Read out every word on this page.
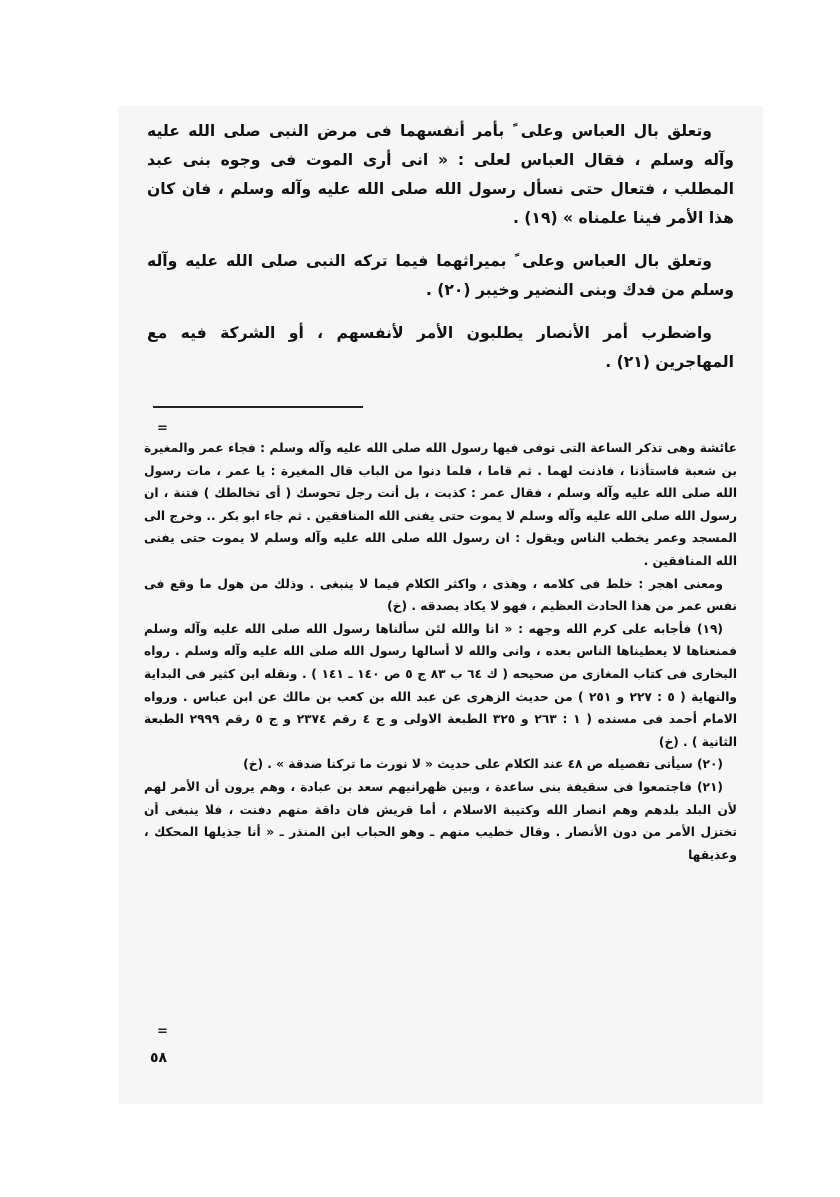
وتعلق بال العباس وعلى ً بأمر أنفسهما فى مرض النبى صلى الله عليه وآله وسلم ، فقال العباس لعلى : « انى أرى الموت فى وجوه بنى عبد المطلب ، فتعال حتى نسأل رسول الله صلى الله عليه وآله وسلم ، فان كان هذا الأمر فينا علمناه » (١٩) .

وتعلق بال العباس وعلى ً بميراثهما فيما تركه النبى صلى الله عليه وآله وسلم من فدك وبنى النضير وخيبر (٢٠) .

واضطرب أمر الأنصار يطلبون الأمر لأنفسهم ، أو الشركة فيه مع المهاجرين (٢١) .

=

عائشة وهى تذكر الساعة التى توفى فيها رسول الله صلى الله عليه وآله وسلم : فجاء عمر والمغيرة بن شعبة فاستأذنا ، فاذنت لهما . ثم قاما ، فلما دنوا من الباب قال المغيرة : يا عمر ، مات رسول الله صلى الله عليه وآله وسلم ، فقال عمر : كذبت ، بل أنت رجل تحوسك ( أى تخالطك ) فتنة ، ان رسول الله صلى الله عليه وآله وسلم لا يموت حتى يفنى الله المنافقين . ثم جاء ابو بكر .. وخرج الى المسجد وعمر يخطب الناس ويقول : ان رسول الله صلى الله عليه وآله وسلم لا يموت حتى يفنى الله المنافقين .

ومعنى اهجر : خلط فى كلامه ، وهذى ، واكثر الكلام فيما لا ينبغى . وذلك من هول ما وقع فى نفس عمر من هذا الحادث العظيم ، فهو لا يكاد يصدقه . (خ)

(١٩) فأجابه على كرم الله وجهه : « انا والله لئن سألناها رسول الله صلى الله عليه وآله وسلم فمنعناها لا يعطيناها الناس بعده ، وانى والله لا أسالها رسول الله صلى الله عليه وآله وسلم . رواه البخارى فى كتاب المغازى من صحيحه ( ك ٦٤ ب ٨٣ ج ٥ ص ١٤٠ ـ ١٤١ ) . ونقله ابن كثير فى البداية والنهاية ( ٥ : ٢٢٧ و ٢٥١ ) من حديث الزهرى عن عبد الله بن كعب بن مالك عن ابن عباس . ورواه الامام أحمد فى مسنده ( ١ : ٢٦٣ و ٣٢٥ الطبعة الاولى و ج ٤ رقم ٢٣٧٤ و ج ٥ رقم ٢٩٩٩ الطبعة الثانية ) . (خ)

(٢٠) سيأتى تفصيله ص ٤٨ عند الكلام على حديث « لا نورث ما تركنا صدقة » . (خ)

(٢١) فاجتمعوا فى سقيفة بنى ساعدة ، وبين ظهرانيهم سعد بن عبادة ، وهم يرون أن الأمر لهم لأن البلد بلدهم وهم انصار الله وكتيبة الاسلام ، أما قريش فان داقة منهم دفنت ، فلا ينبغى أن تختزل الأمر من دون الأنصار . وقال خطيب منهم ـ وهو الحباب ابن المنذر ـ « أنا جذيلها المحكك ، وعذيقها

=
٥٨
